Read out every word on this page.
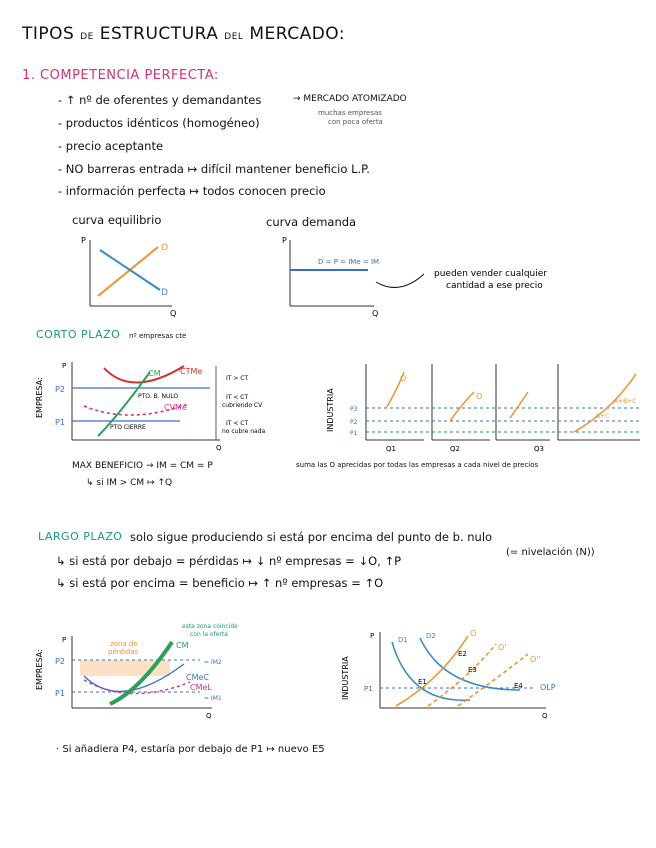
TIPOS DE ESTRUCTURA DEL MERCADO:
1. COMPETENCIA PERFECTA:
- ↑ nº de oferentes y demandantes	→ MERCADO ATOMIZADO
muchas empresas
con poca oferta
- productos idénticos (homogéneo)
- precio aceptante
- NO barreras entrada ↦ difícil mantener beneficio L.P.
- información perfecta ↦ todos conocen precio
curva equilibrio
P
Q
O
D
curva demanda
P
Q
D = P = IMe = IM
pueden vender cualquier
cantidad a ese precio
CORTO PLAZO nº empresas cte
EMPRESA:
P
Q
P2
P1
CM CTMe
CVMe
PTO. B. NULO
PTO CIERRE
IT > CT
IT < CT
cubriendo CV
IT < CT
no cubre nada	INDUSTRIA	P3
P2
P1
O
O
A+B+C
B+C
Q1	Q2	Q3
suma las O aprecidas por todas las empresas a cada nivel de precios
MAX BENEFICIO → IM = CM = P
↳ si IM > CM ↦ ↑Q
LARGO PLAZO solo sigue produciendo si está por encima del punto de b. nulo
(= nivelación (N))
↳ si está por debajo = pérdidas ↦ ↓ nº empresas = ↓O, ↑P
↳ si está por encima = beneficio ↦ ↑ nº empresas = ↑O
EMPRESA:
P
Q
P2
P1
CM
CMeC
CMeL
= IM2
= IM1
zona de
pérdidas
esta zona coincide
con la oferta
INDUSTRIA
P
Q
P1
D1	D2	O
O'
O''
E1
E2
E3
E4 OLP
· Si añadiera P4, estaría por debajo de P1 ↦ nuevo E5
